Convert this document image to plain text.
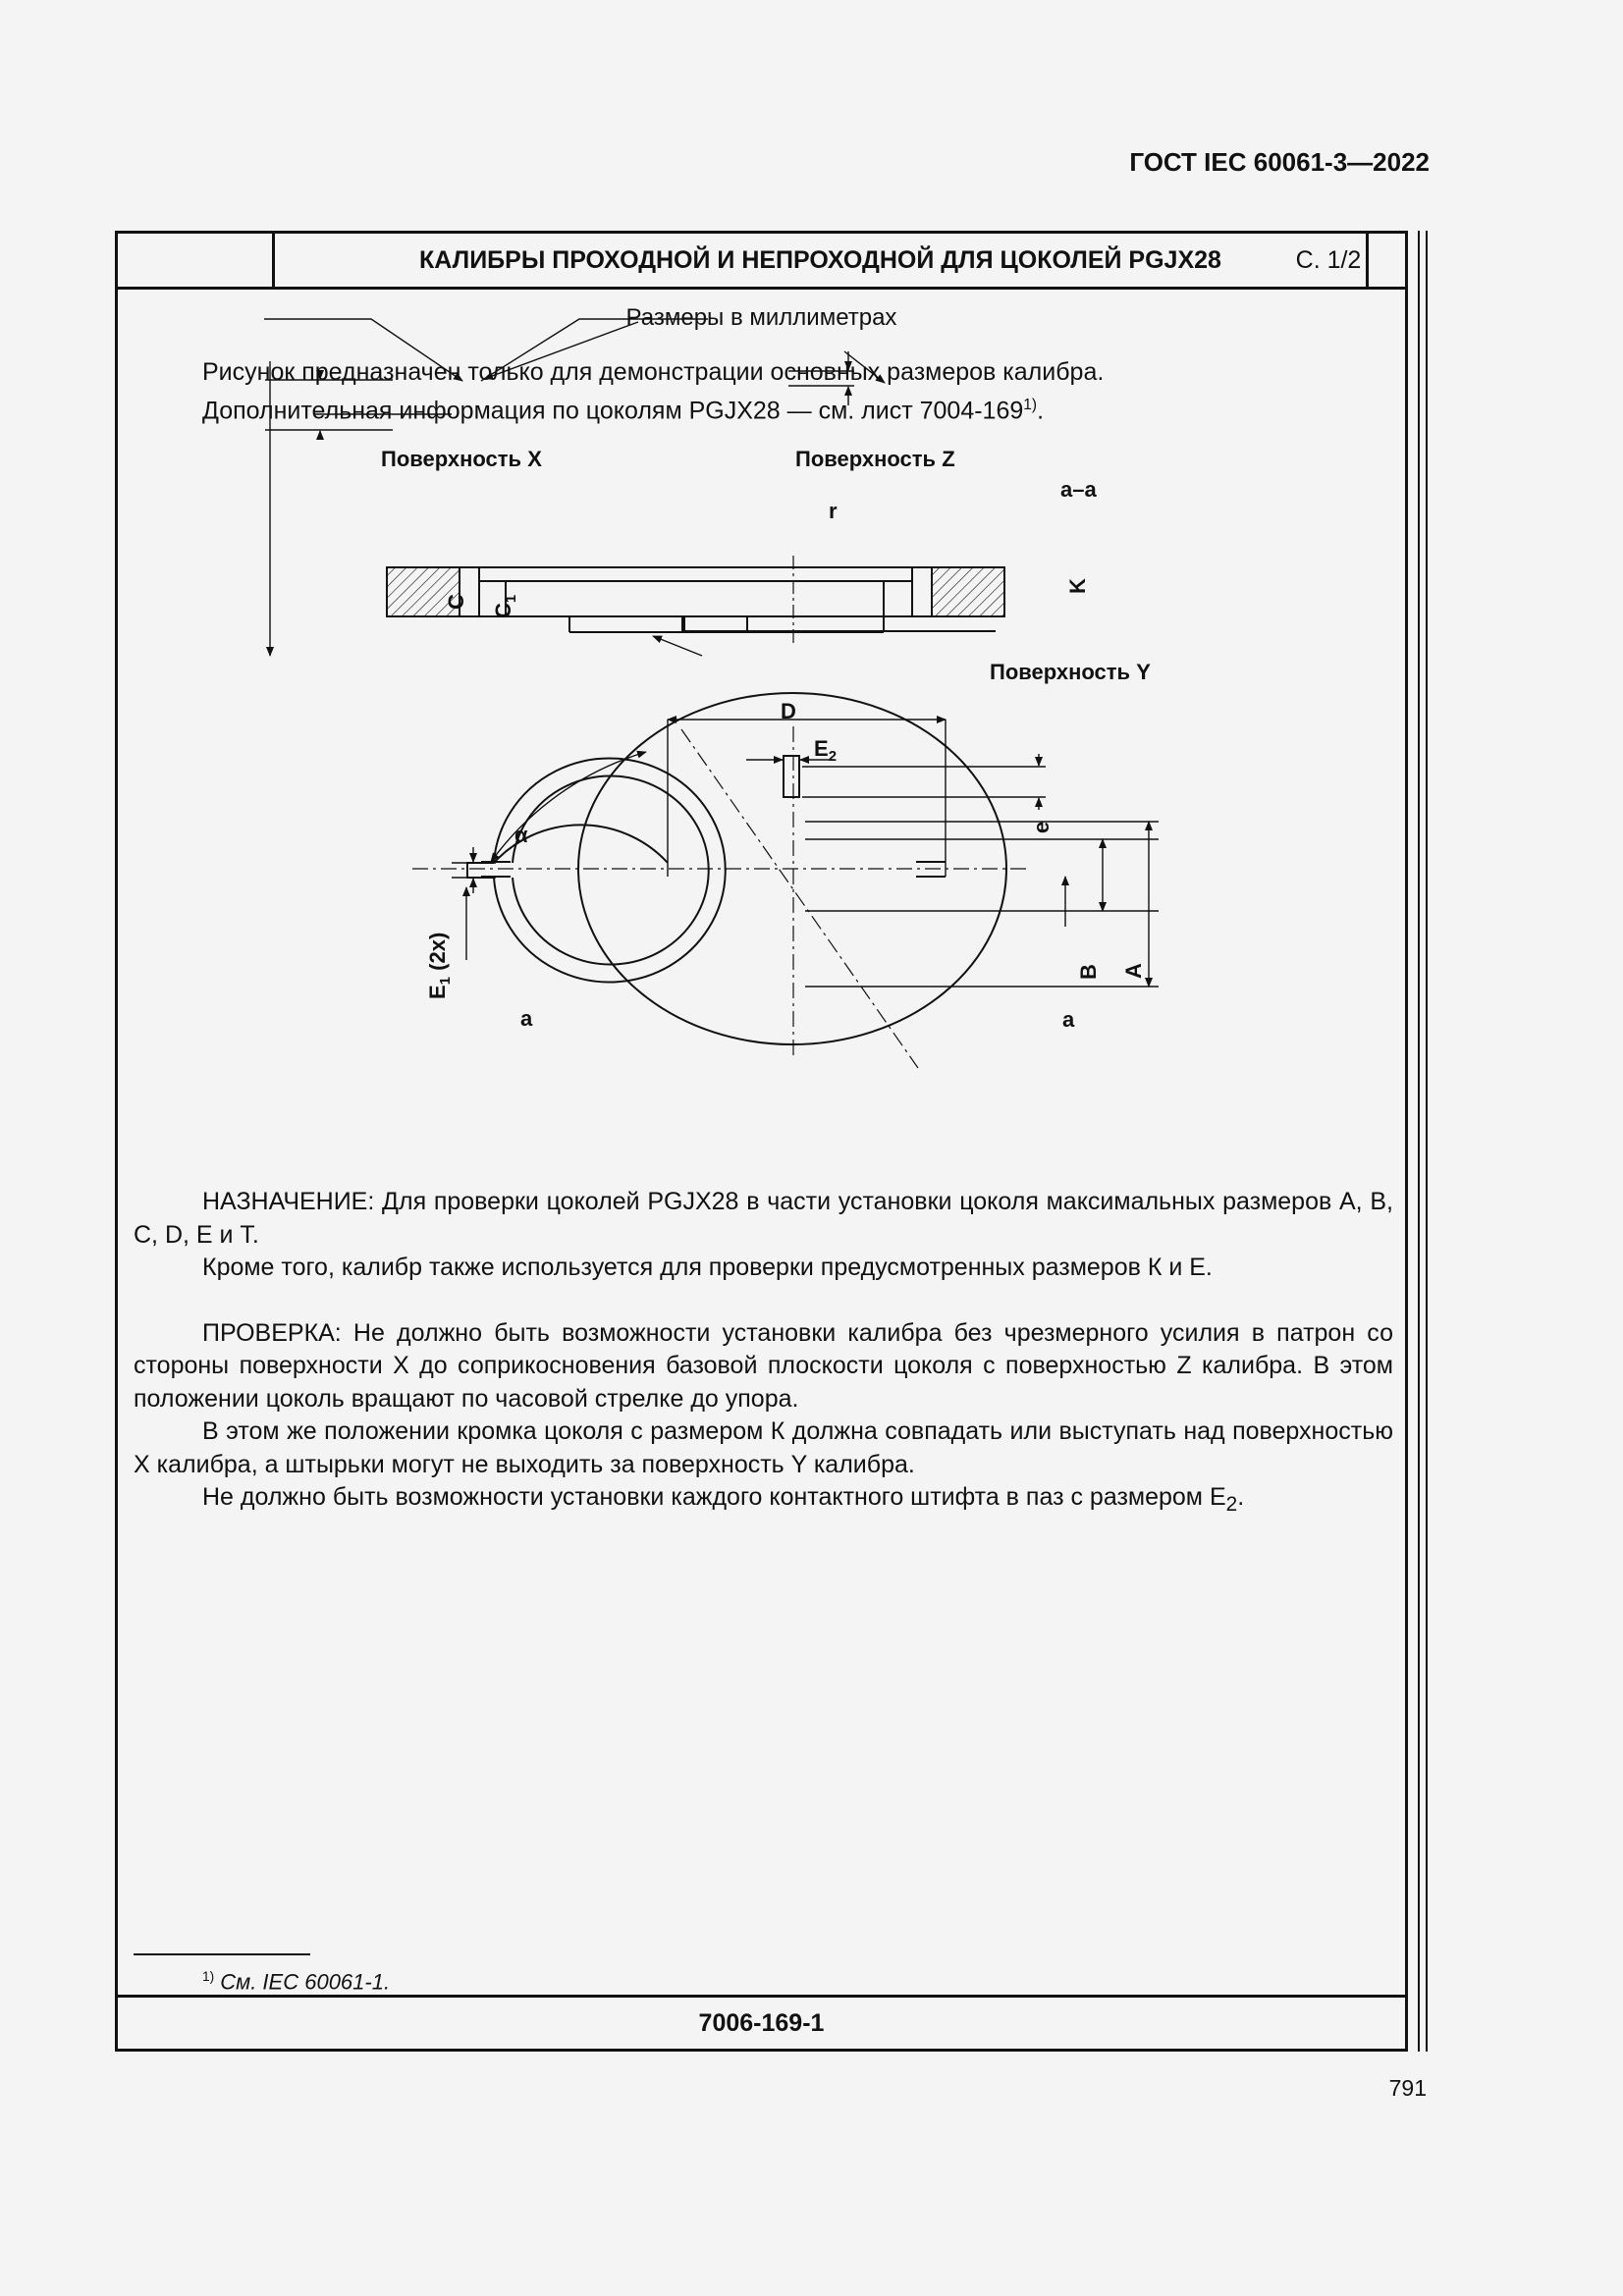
ГОСТ IEC 60061-3—2022
КАЛИБРЫ ПРОХОДНОЙ И НЕПРОХОДНОЙ ДЛЯ ЦОКОЛЕЙ PGJX28	С. 1/2
Размеры в миллиметрах
Рисунок предназначен только для демонстрации основных размеров калибра.
Дополнительная информация по цоколям PGJX28 — см. лист 7004-169$^{1)}$.
Поверхность X	Поверхность Z
a–a
r
Поверхность Y
D
α
a	a
$E_2$
K
C
$C_1$
e
$E_1$ (2x)	B A

НАЗНАЧЕНИЕ: Для проверки цоколей PGJX28 в части установки цоколя максимальных размеров A, B, C, D, E и T.

Кроме того, калибр также используется для проверки предусмотренных размеров К и E.

ПРОВЕРКА: Не должно быть возможности установки калибра без чрезмерного усилия в патрон со стороны поверхности X до соприкосновения базовой плоскости цоколя с поверхностью Z калибра. В этом положении цоколь вращают по часовой стрелке до упора.

В этом же положении кромка цоколя с размером К должна совпадать или выступать над поверхностью X калибра, а штырьки могут не выходить за поверхность Y калибра.

Не должно быть возможности установки каждого контактного штифта в паз с размером $E_2$.

$^{1)}$ См. IEC 60061-1.
7006-169-1
791
